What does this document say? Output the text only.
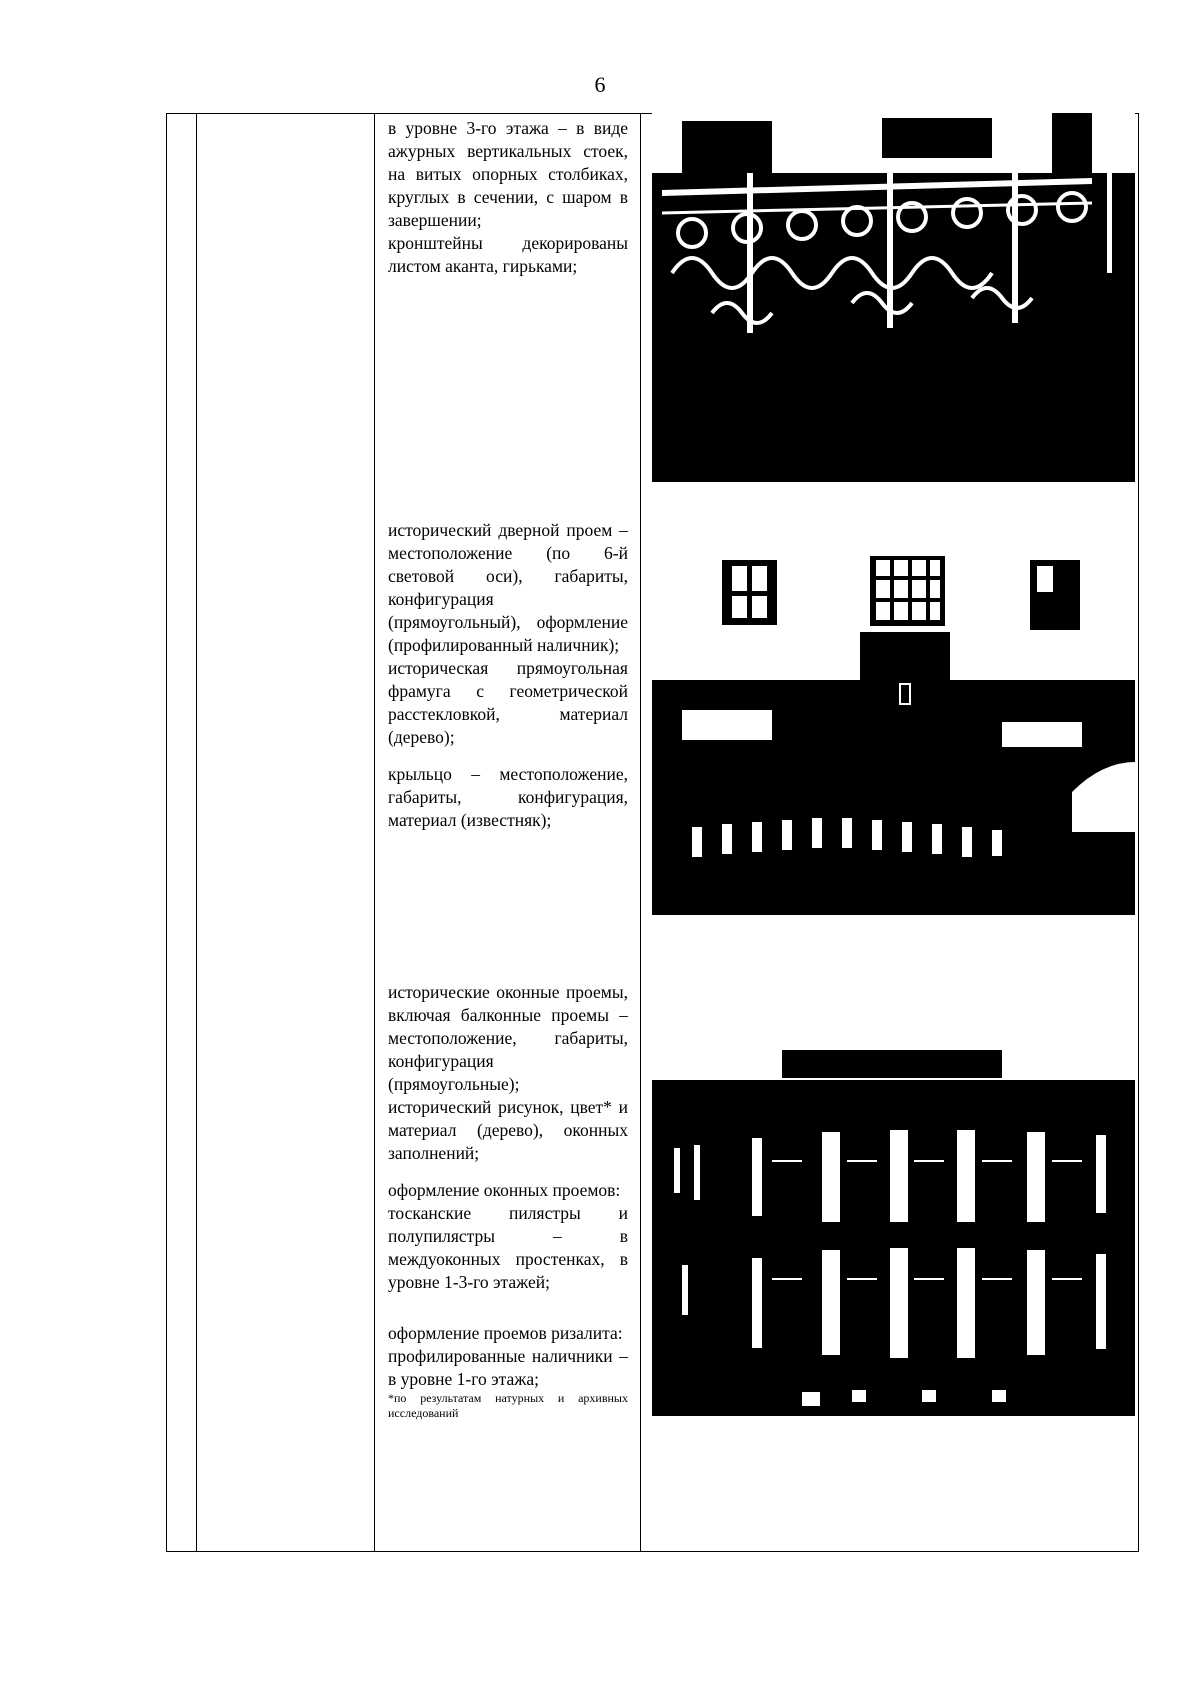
6

в уровне 3-го этажа – в виде ажурных вертикальных стоек, на витых опорных столбиках, круглых в сечении, с шаром в завершении;

кронштейны декорированы листом аканта, гирьками;

исторический дверной проем – местоположение (по 6-й световой оси), габариты, конфигурация (прямоугольный), оформление (профилированный наличник);

историческая прямоугольная фрамуга с геометрической расстекловкой, материал (дерево);

крыльцо – местоположение, габариты, конфигурация, материал (известняк);

исторические оконные проемы, включая балконные проемы – местоположение, габариты, конфигурация (прямоугольные);

исторический рисунок, цвет* и материал (дерево), оконных заполнений;

оформление оконных проемов:

тосканские пилястры и полупилястры – в междуоконных простенках, в уровне 1-3-го этажей;

оформление проемов ризалита:

профилированные наличники – в уровне 1-го этажа;

*по результатам натурных и архивных исследований
